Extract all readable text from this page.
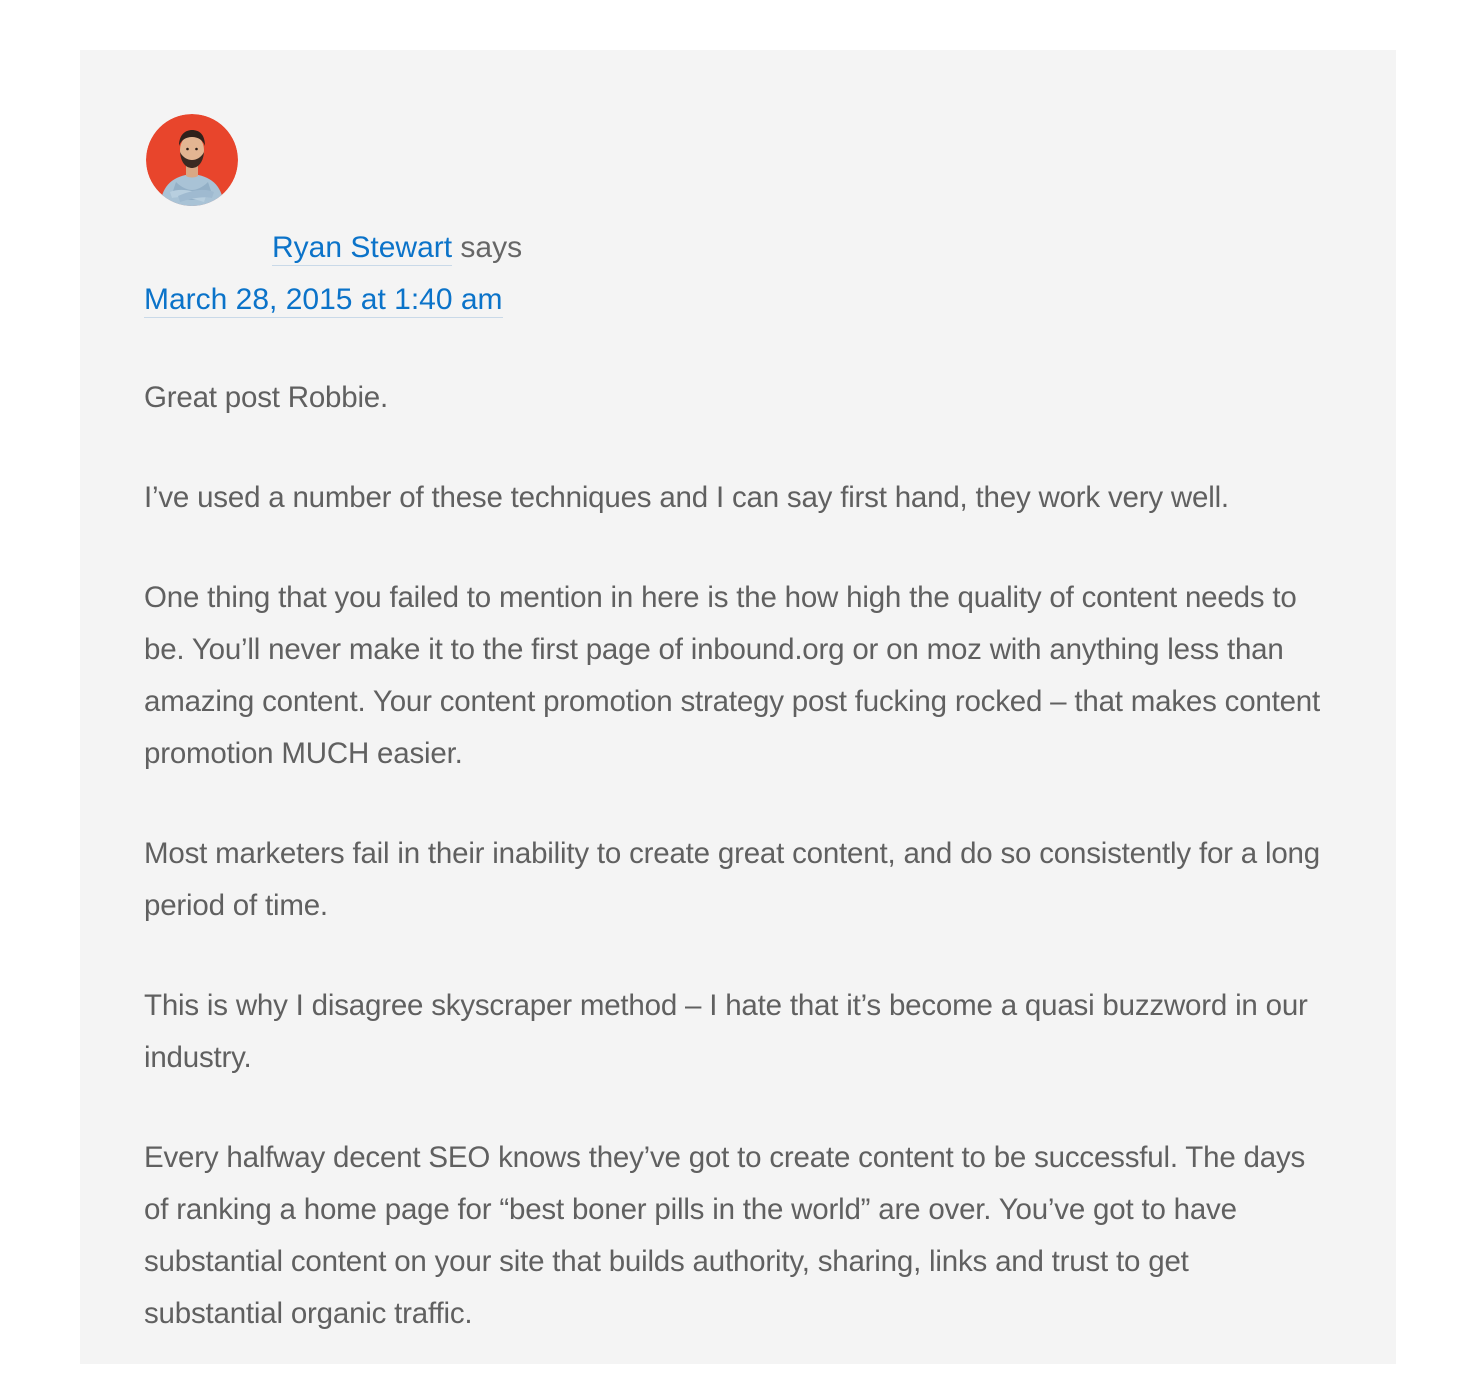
Ryan Stewart says
March 28, 2015 at 1:40 am

Great post Robbie.

I’ve used a number of these techniques and I can say first hand, they work very well.

One thing that you failed to mention in here is the how high the quality of content needs to be. You’ll never make it to the first page of inbound.org or on moz with anything less than amazing content. Your content promotion strategy post fucking rocked – that makes content promotion MUCH easier.

Most marketers fail in their inability to create great content, and do so consistently for a long period of time.

This is why I disagree skyscraper method – I hate that it’s become a quasi buzzword in our industry.

Every halfway decent SEO knows they’ve got to create content to be successful. The days of ranking a home page for “best boner pills in the world” are over. You’ve got to have substantial content on your site that builds authority, sharing, links and trust to get substantial organic traffic.
